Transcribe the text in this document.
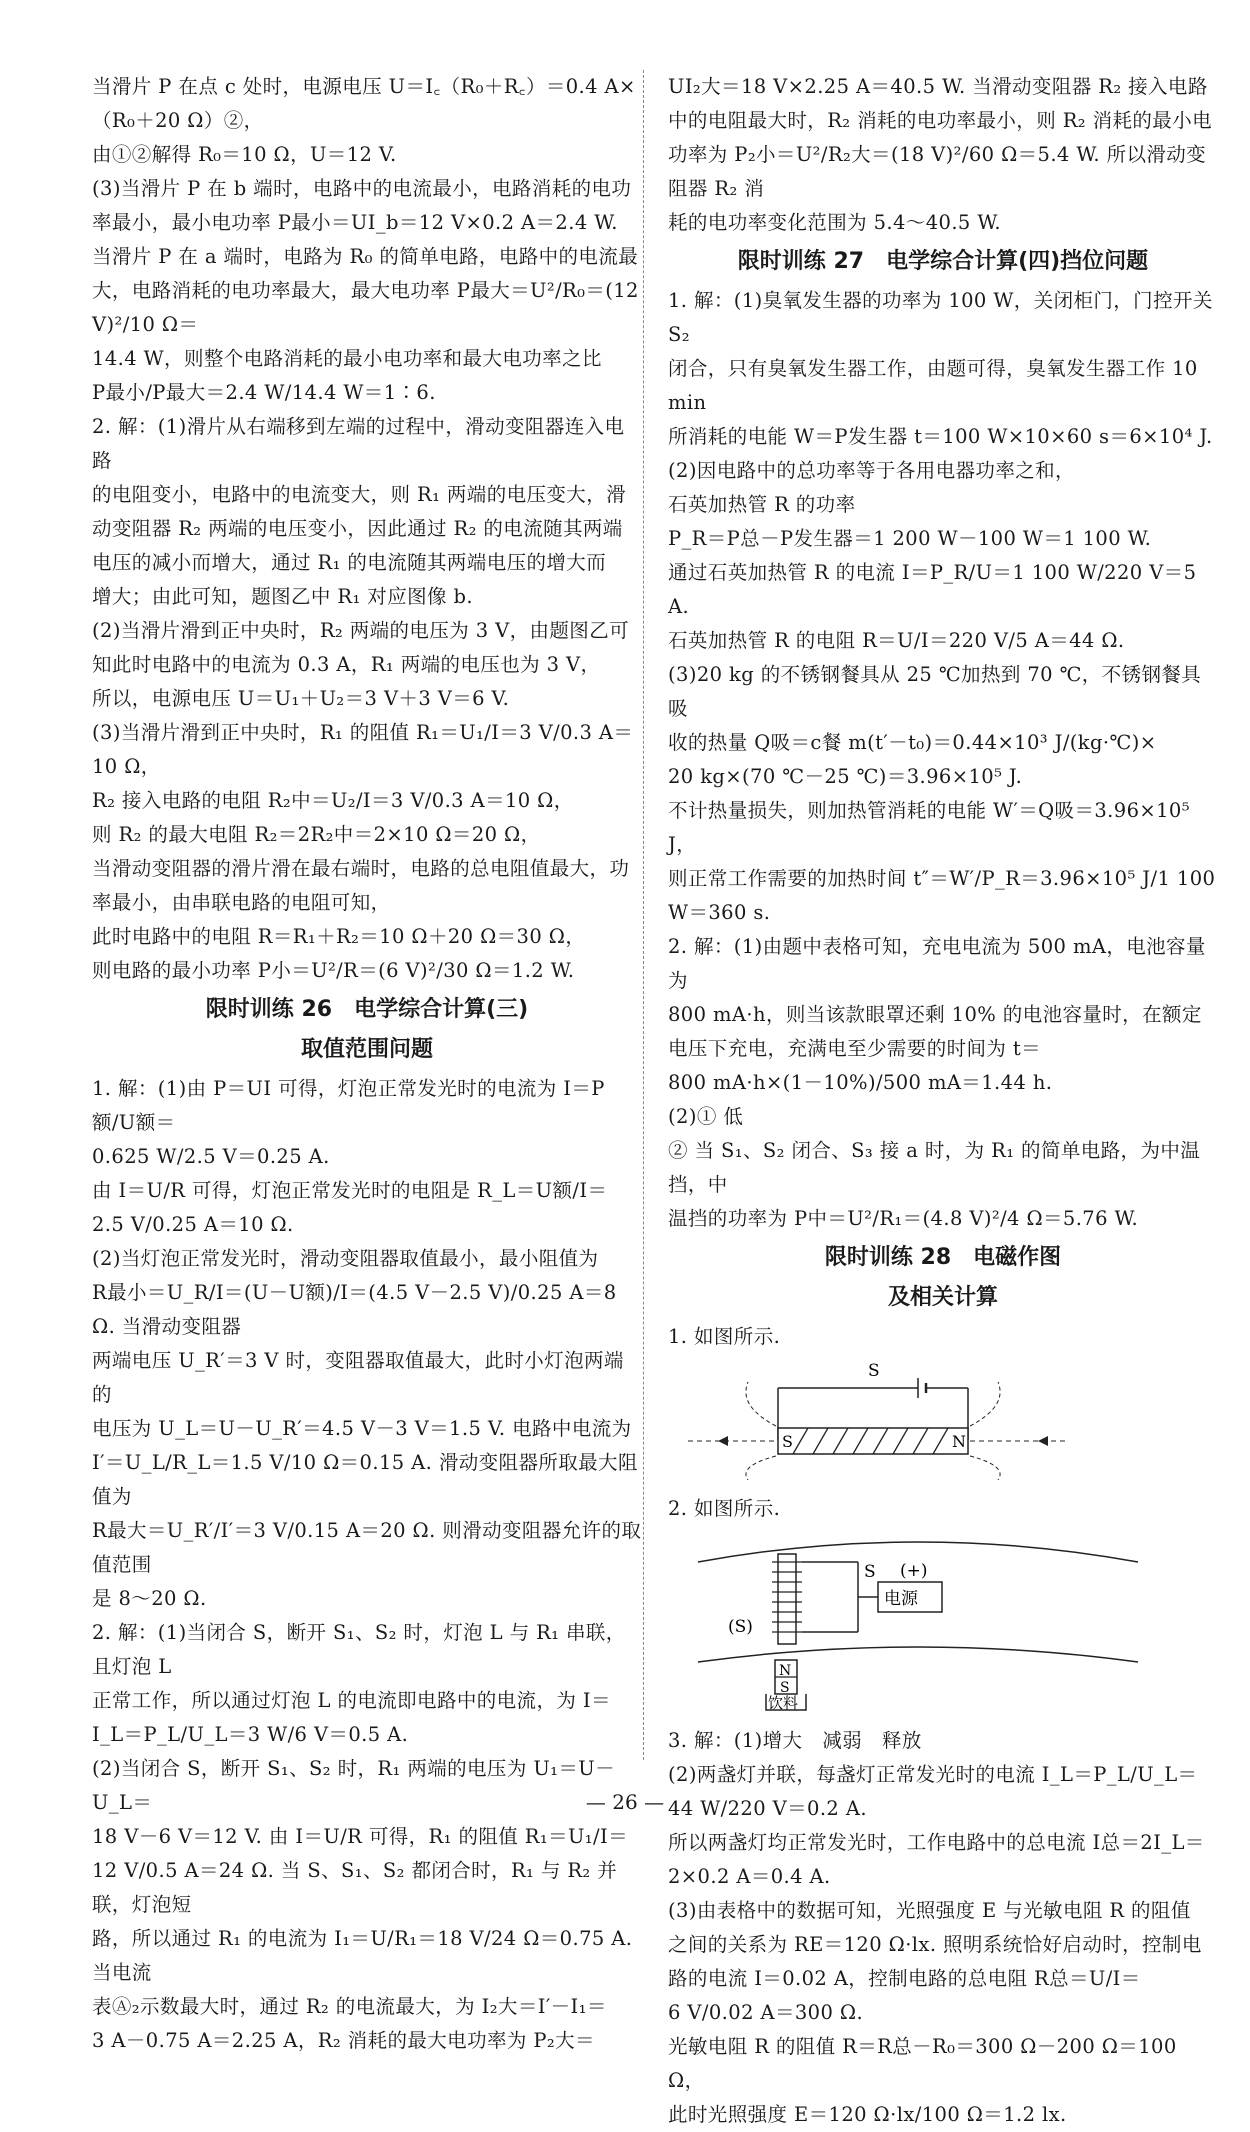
当滑片 P 在点 c 处时，电源电压 U＝I꜀（R₀＋R꜀）＝0.4 A×
（R₀＋20 Ω）②，
由①②解得 R₀＝10 Ω，U＝12 V.
(3)当滑片 P 在 b 端时，电路中的电流最小，电路消耗的电功
率最小，最小电功率 P最小＝UI_b＝12 V×0.2 A＝2.4 W.
当滑片 P 在 a 端时，电路为 R₀ 的简单电路，电路中的电流最
大，电路消耗的电功率最大，最大电功率 P最大＝U²/R₀＝(12 V)²/10 Ω＝
14.4 W，则整个电路消耗的最小电功率和最大电功率之比
P最小/P最大＝2.4 W/14.4 W＝1∶6.
2. 解：(1)滑片从右端移到左端的过程中，滑动变阻器连入电路
的电阻变小，电路中的电流变大，则 R₁ 两端的电压变大，滑
动变阻器 R₂ 两端的电压变小，因此通过 R₂ 的电流随其两端
电压的减小而增大，通过 R₁ 的电流随其两端电压的增大而
增大；由此可知，题图乙中 R₁ 对应图像 b.
(2)当滑片滑到正中央时，R₂ 两端的电压为 3 V，由题图乙可
知此时电路中的电流为 0.3 A，R₁ 两端的电压也为 3 V，
所以，电源电压 U＝U₁＋U₂＝3 V＋3 V＝6 V.
(3)当滑片滑到正中央时，R₁ 的阻值 R₁＝U₁/I＝3 V/0.3 A＝
10 Ω，
R₂ 接入电路的电阻 R₂中＝U₂/I＝3 V/0.3 A＝10 Ω，
则 R₂ 的最大电阻 R₂＝2R₂中＝2×10 Ω＝20 Ω，
当滑动变阻器的滑片滑在最右端时，电路的总电阻值最大，功
率最小，由串联电路的电阻可知，
此时电路中的电阻 R＝R₁＋R₂＝10 Ω＋20 Ω＝30 Ω，
则电路的最小功率 P小＝U²/R＝(6 V)²/30 Ω＝1.2 W.
限时训练 26　电学综合计算(三)
取值范围问题
1. 解：(1)由 P＝UI 可得，灯泡正常发光时的电流为 I＝P额/U额＝
0.625 W/2.5 V＝0.25 A.
由 I＝U/R 可得，灯泡正常发光时的电阻是 R_L＝U额/I＝
2.5 V/0.25 A＝10 Ω.
(2)当灯泡正常发光时，滑动变阻器取值最小，最小阻值为
R最小＝U_R/I＝(U－U额)/I＝(4.5 V－2.5 V)/0.25 A＝8 Ω. 当滑动变阻器
两端电压 U_R′＝3 V 时，变阻器取值最大，此时小灯泡两端的
电压为 U_L＝U－U_R′＝4.5 V－3 V＝1.5 V. 电路中电流为
I′＝U_L/R_L＝1.5 V/10 Ω＝0.15 A. 滑动变阻器所取最大阻值为
R最大＝U_R′/I′＝3 V/0.15 A＝20 Ω. 则滑动变阻器允许的取值范围
是 8～20 Ω.
2. 解：(1)当闭合 S，断开 S₁、S₂ 时，灯泡 L 与 R₁ 串联，且灯泡 L
正常工作，所以通过灯泡 L 的电流即电路中的电流，为 I＝
I_L＝P_L/U_L＝3 W/6 V＝0.5 A.
(2)当闭合 S，断开 S₁、S₂ 时，R₁ 两端的电压为 U₁＝U－U_L＝
18 V－6 V＝12 V. 由 I＝U/R 可得，R₁ 的阻值 R₁＝U₁/I＝
12 V/0.5 A＝24 Ω. 当 S、S₁、S₂ 都闭合时，R₁ 与 R₂ 并联，灯泡短
路，所以通过 R₁ 的电流为 I₁＝U/R₁＝18 V/24 Ω＝0.75 A. 当电流
表Ⓐ₂示数最大时，通过 R₂ 的电流最大，为 I₂大＝I′－I₁＝
3 A－0.75 A＝2.25 A，R₂ 消耗的最大电功率为 P₂大＝
UI₂大＝18 V×2.25 A＝40.5 W. 当滑动变阻器 R₂ 接入电路
中的电阻最大时，R₂ 消耗的电功率最小，则 R₂ 消耗的最小电
功率为 P₂小＝U²/R₂大＝(18 V)²/60 Ω＝5.4 W. 所以滑动变阻器 R₂ 消
耗的电功率变化范围为 5.4～40.5 W.
限时训练 27　电学综合计算(四)挡位问题
1. 解：(1)臭氧发生器的功率为 100 W，关闭柜门，门控开关 S₂
闭合，只有臭氧发生器工作，由题可得，臭氧发生器工作 10 min
所消耗的电能 W＝P发生器 t＝100 W×10×60 s＝6×10⁴ J.
(2)因电路中的总功率等于各用电器功率之和，
石英加热管 R 的功率
P_R＝P总－P发生器＝1 200 W－100 W＝1 100 W.
通过石英加热管 R 的电流 I＝P_R/U＝1 100 W/220 V＝5 A.
石英加热管 R 的电阻 R＝U/I＝220 V/5 A＝44 Ω.
(3)20 kg 的不锈钢餐具从 25 ℃加热到 70 ℃，不锈钢餐具吸
收的热量 Q吸＝c餐 m(t′－t₀)＝0.44×10³ J/(kg·℃)×
20 kg×(70 ℃－25 ℃)＝3.96×10⁵ J.
不计热量损失，则加热管消耗的电能 W′＝Q吸＝3.96×10⁵ J，
则正常工作需要的加热时间 t″＝W′/P_R＝3.96×10⁵ J/1 100 W＝360 s.
2. 解：(1)由题中表格可知，充电电流为 500 mA，电池容量为
800 mA·h，则当该款眼罩还剩 10% 的电池容量时，在额定
电压下充电，充满电至少需要的时间为 t＝
800 mA·h×(1－10%)/500 mA＝1.44 h.
(2)① 低
② 当 S₁、S₂ 闭合、S₃ 接 a 时，为 R₁ 的简单电路，为中温挡，中
温挡的功率为 P中＝U²/R₁＝(4.8 V)²/4 Ω＝5.76 W.
限时训练 28　电磁作图
及相关计算
1. 如图所示.
S
S	N
2. 如图所示.
S (+)
电源
(S)
N
S
饮料
3. 解：(1)增大　减弱　释放
(2)两盏灯并联，每盏灯正常发光时的电流 I_L＝P_L/U_L＝
44 W/220 V＝0.2 A.
所以两盏灯均正常发光时，工作电路中的总电流 I总＝2I_L＝
2×0.2 A＝0.4 A.
(3)由表格中的数据可知，光照强度 E 与光敏电阻 R 的阻值
之间的关系为 RE＝120 Ω·lx. 照明系统恰好启动时，控制电
路的电流 I＝0.02 A，控制电路的总电阻 R总＝U/I＝
6 V/0.02 A＝300 Ω.
光敏电阻 R 的阻值 R＝R总－R₀＝300 Ω－200 Ω＝100 Ω，
此时光照强度 E＝120 Ω·lx/100 Ω＝1.2 lx.
— 26 —
